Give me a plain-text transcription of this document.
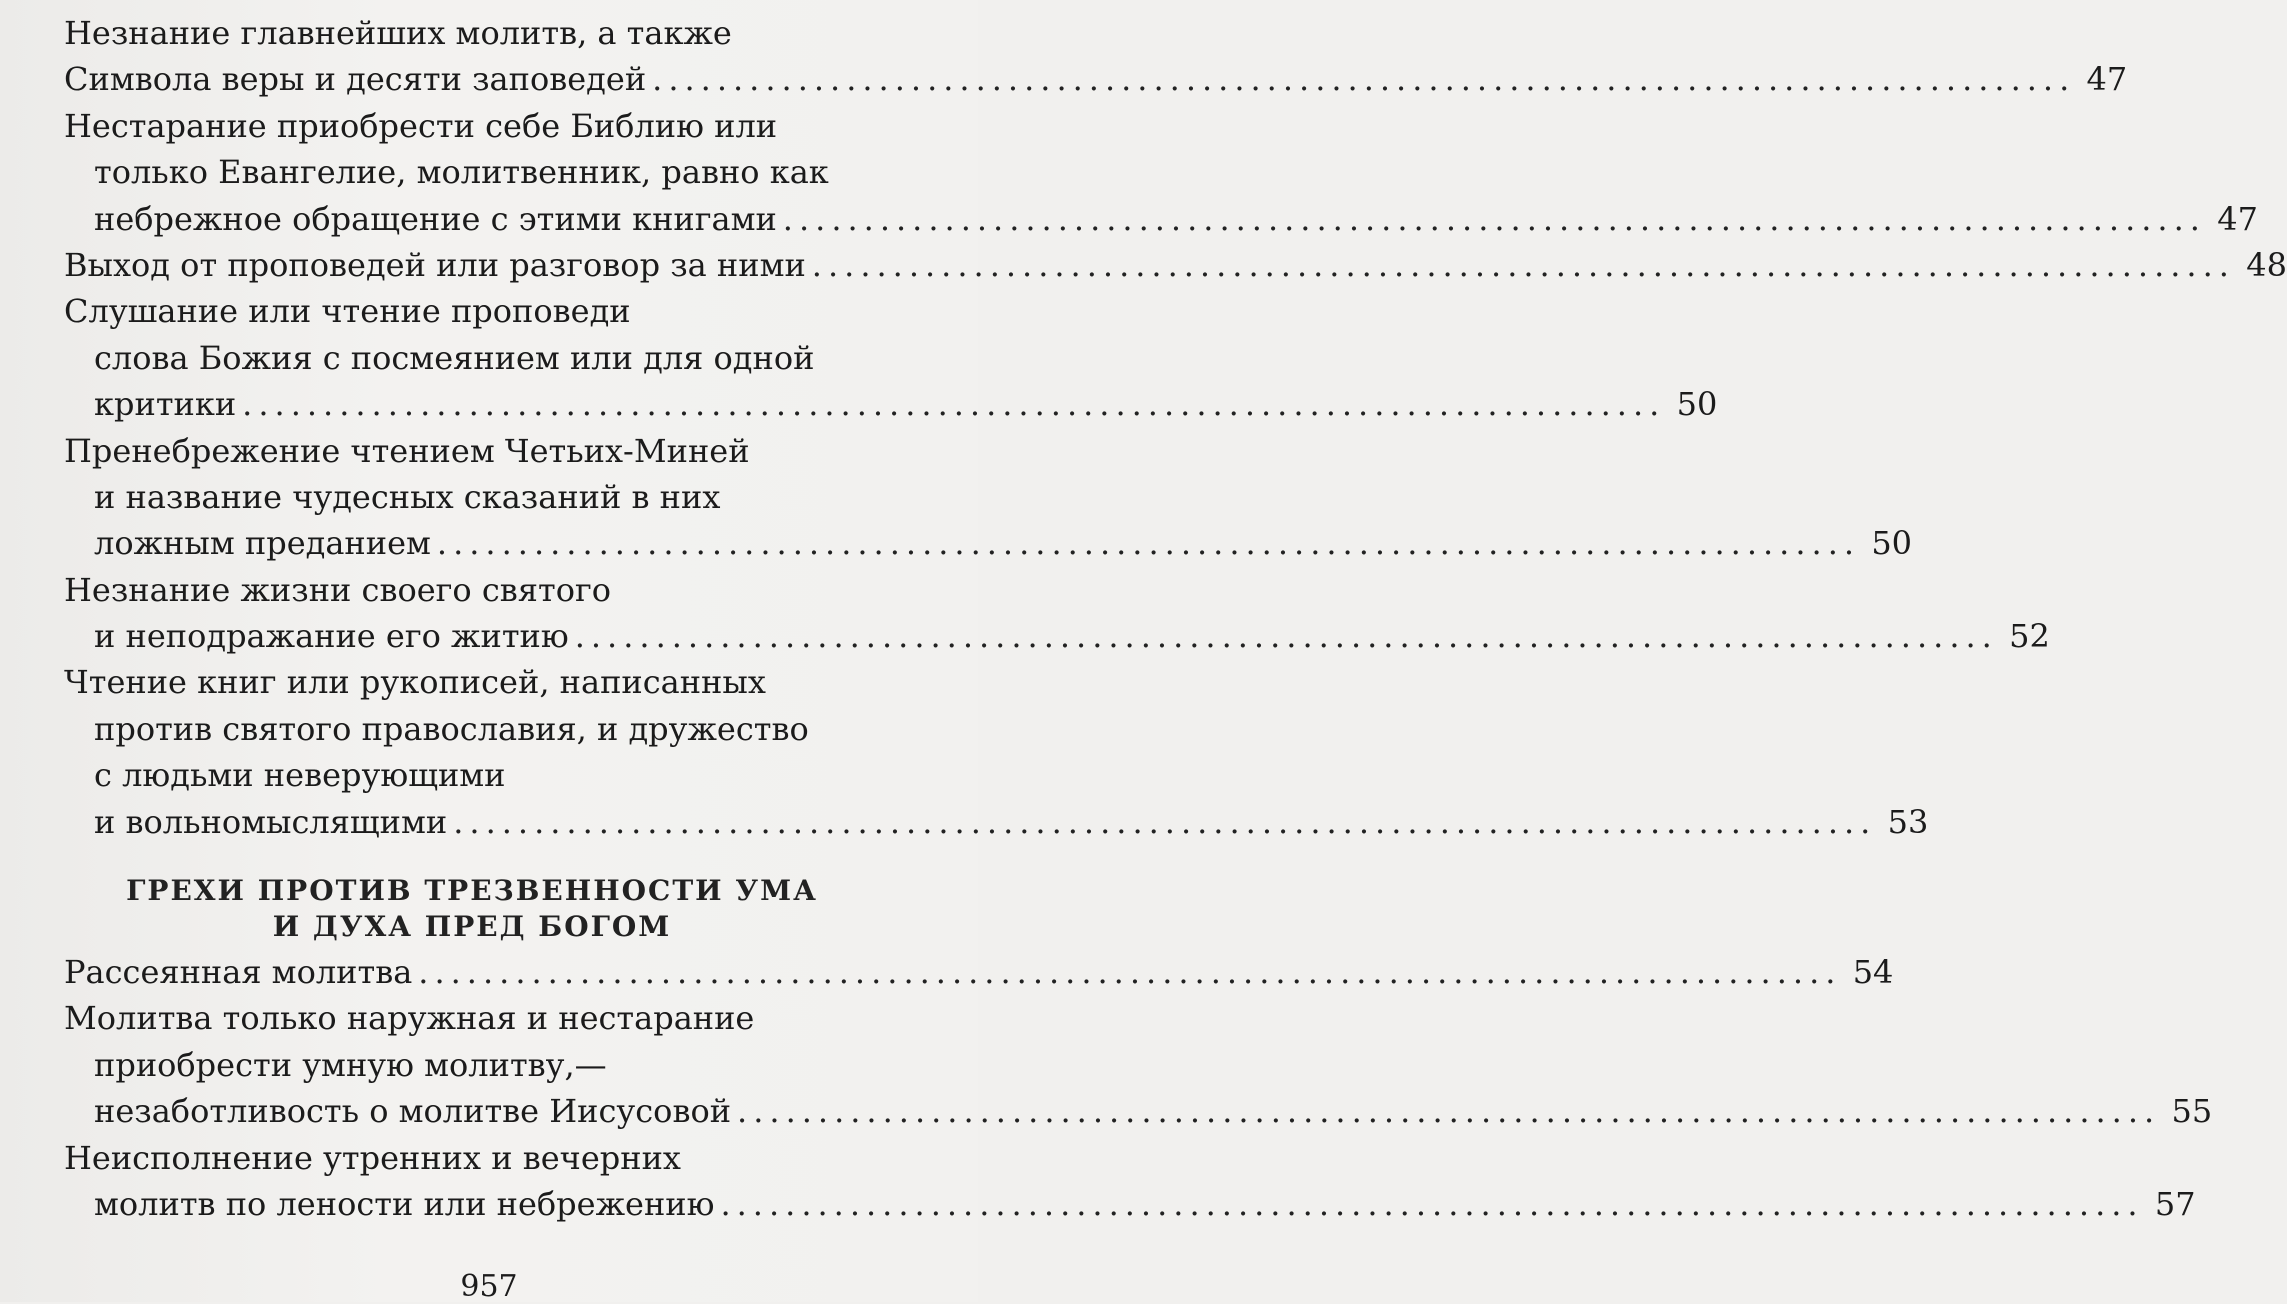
Незнание главнейших молитв, а также
Символа веры и десяти заповедей ........................................................................................ 47
Нестарание приобрести себе Библию или
только Евангелие, молитвенник, равно как
небрежное обращение с этими книгами ........................................................................................ 47
Выход от проповедей или разговор за ними ........................................................................................ 48
Слушание или чтение проповеди
слова Божия с посмеянием или для одной
критики ........................................................................................ 50
Пренебрежение чтением Четьих-Миней
и название чудесных сказаний в них
ложным преданием ........................................................................................ 50
Незнание жизни своего святого
и неподражание его житию ........................................................................................ 52
Чтение книг или рукописей, написанных
против святого православия, и дружество
с людьми неверующими
и вольномыслящими ........................................................................................ 53
ГРЕХИ ПРОТИВ ТРЕЗВЕННОСТИ УМА
И ДУХА ПРЕД БОГОМ
Рассеянная молитва ........................................................................................ 54
Молитва только наружная и нестарание
приобрести умную молитву,—
незаботливость о молитве Иисусовой ........................................................................................ 55
Неисполнение утренних и вечерних
молитв по лености или небрежению ........................................................................................ 57
957
